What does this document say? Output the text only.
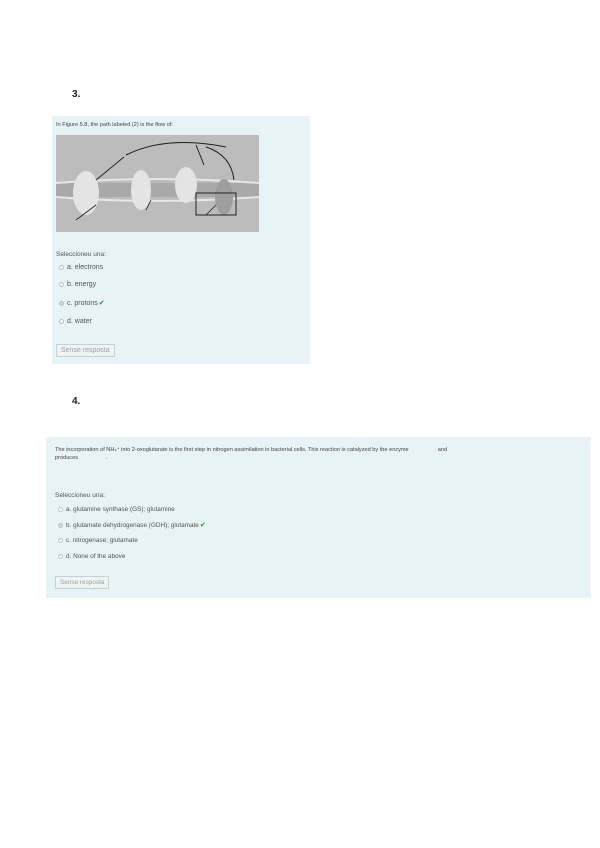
3.
In Figure 5.8, the path labeled (2) is the flow of:
Seleccioneu una:
a. electrons
b. energy
c. protons ✔
d. water
Sense resposta
4.
The incorporation of NH₄⁺ into 2-oxoglutarate is the first step in nitrogen assimilation in bacterial cells. This reaction is catalyzed by the enzyme	and
produces	.
Seleccioneu una:
a. glutamine synthase (GS); glutamine
b. glutamate dehydrogenase (GDH); glutamate ✔
c. nitrogenase; glutamate
d. None of the above
Sense resposta
